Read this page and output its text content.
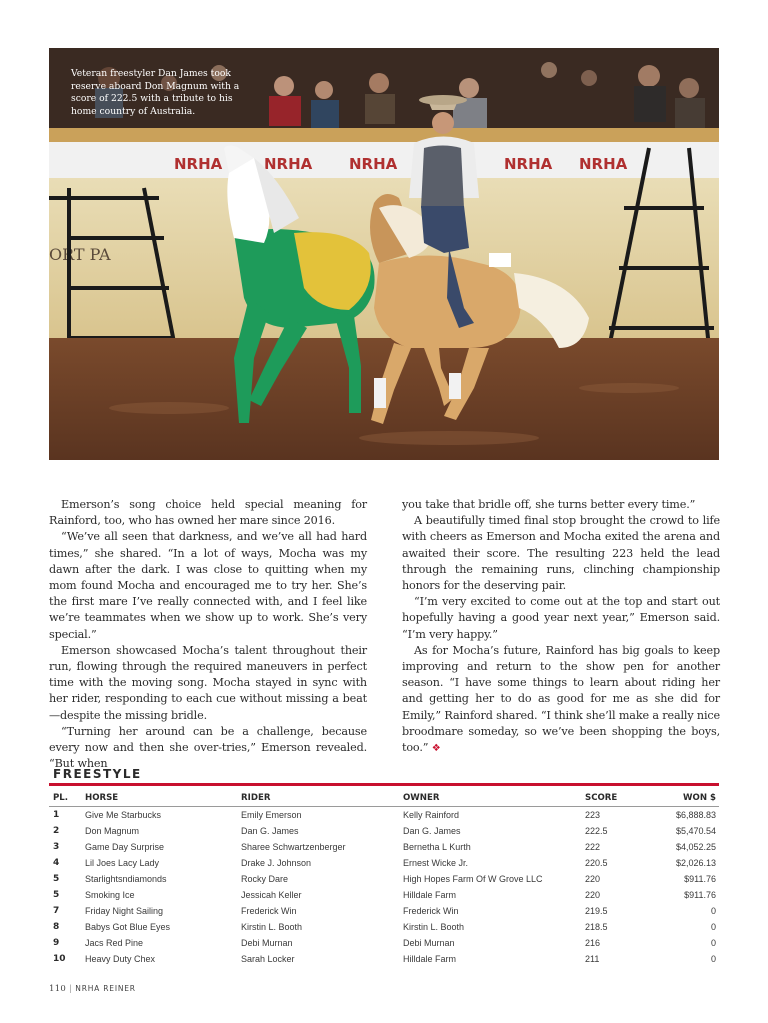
NRHA	NRHA NRHA	NRHA NRHA
ORT PA

Veteran freestyler Dan James took reserve aboard Don Magnum with a score of 222.5 with a tribute to his home country of Australia.

Emerson’s song choice held special meaning for Rainford, too, who has owned her mare since 2016.

“We’ve all seen that darkness, and we’ve all had hard times,” she shared. “In a lot of ways, Mocha was my dawn after the dark. I was close to quitting when my mom found Mocha and encouraged me to try her. She’s the first mare I’ve really connected with, and I feel like we’re teammates when we show up to work. She’s very special.”

Emerson showcased Mocha’s talent throughout their run, flowing through the required maneuvers in perfect time with the moving song. Mocha stayed in sync with her rider, responding to each cue without missing a beat—despite the missing bridle.

“Turning her around can be a challenge, because every now and then she over-tries,” Emerson revealed. “But when

you take that bridle off, she turns better every time.”

A beautifully timed final stop brought the crowd to life with cheers as Emerson and Mocha exited the arena and awaited their score. The resulting 223 held the lead through the remaining runs, clinching championship honors for the deserving pair.

“I’m very excited to come out at the top and start out hopefully having a good year next year,” Emerson said. “I’m very happy.”

As for Mocha’s future, Rainford has big goals to keep improving and return to the show pen for another season. “I have some things to learn about riding her and getting her to do as good for me as she did for Emily,” Rainford shared. “I think she’ll make a really nice broodmare someday, so we’ve been shopping the boys, too.” ❖

FREESTYLE
PL.	HORSE	RIDER	OWNER	SCORE	WON $
1	Give Me Starbucks	Emily Emerson	Kelly Rainford	223	$6,888.83
2	Don Magnum	Dan G. James	Dan G. James	222.5	$5,470.54
3	Game Day Surprise	Sharee Schwartzenberger	Bernetha L Kurth	222	$4,052.25
4	Lil Joes Lacy Lady	Drake J. Johnson	Ernest Wicke Jr.	220.5	$2,026.13
5	Starlightsndiamonds	Rocky Dare	High Hopes Farm Of W Grove LLC	220	$911.76
5	Smoking Ice	Jessicah Keller	Hilldale Farm	220	$911.76
7	Friday Night Sailing	Frederick Win	Frederick Win	219.5	0
8	Babys Got Blue Eyes	Kirstin L. Booth	Kirstin L. Booth	218.5	0
9	Jacs Red Pine	Debi Murnan	Debi Murnan	216	0
10	Heavy Duty Chex	Sarah Locker	Hilldale Farm	211	0
110 | NRHA REINER
